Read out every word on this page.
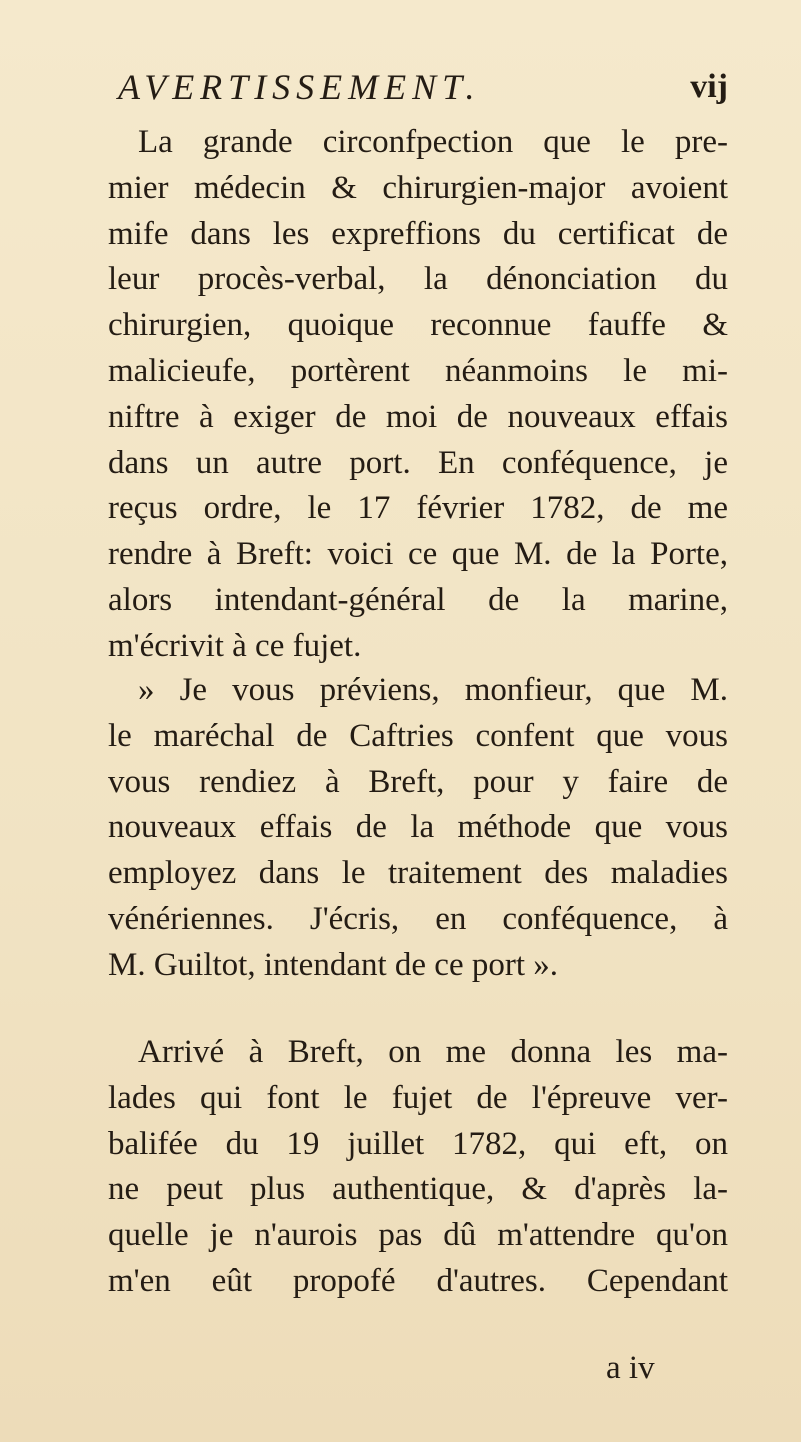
AVERTISSEMENT.	vij
La grande circonfpection que le pre-
mier médecin & chirurgien-major avoient
mife dans les expreffions du certificat de
leur procès-verbal, la dénonciation du
chirurgien, quoique reconnue fauffe &
malicieufe, portèrent néanmoins le mi-
niftre à exiger de moi de nouveaux effais
dans un autre port. En conféquence, je
reçus ordre, le 17 février 1782, de me
rendre à Breft: voici ce que M. de la Porte,
alors intendant-général de la marine,
m'écrivit à ce fujet.
» Je vous préviens, monfieur, que M.
le maréchal de Caftries confent que vous
vous rendiez à Breft, pour y faire de
nouveaux effais de la méthode que vous
employez dans le traitement des maladies
vénériennes. J'écris, en conféquence, à
M. Guiltot, intendant de ce port ».
Arrivé à Breft, on me donna les ma-
lades qui font le fujet de l'épreuve ver-
balifée du 19 juillet 1782, qui eft, on
ne peut plus authentique, & d'après la-
quelle je n'aurois pas dû m'attendre qu'on
m'en eût propofé d'autres. Cependant
a iv
